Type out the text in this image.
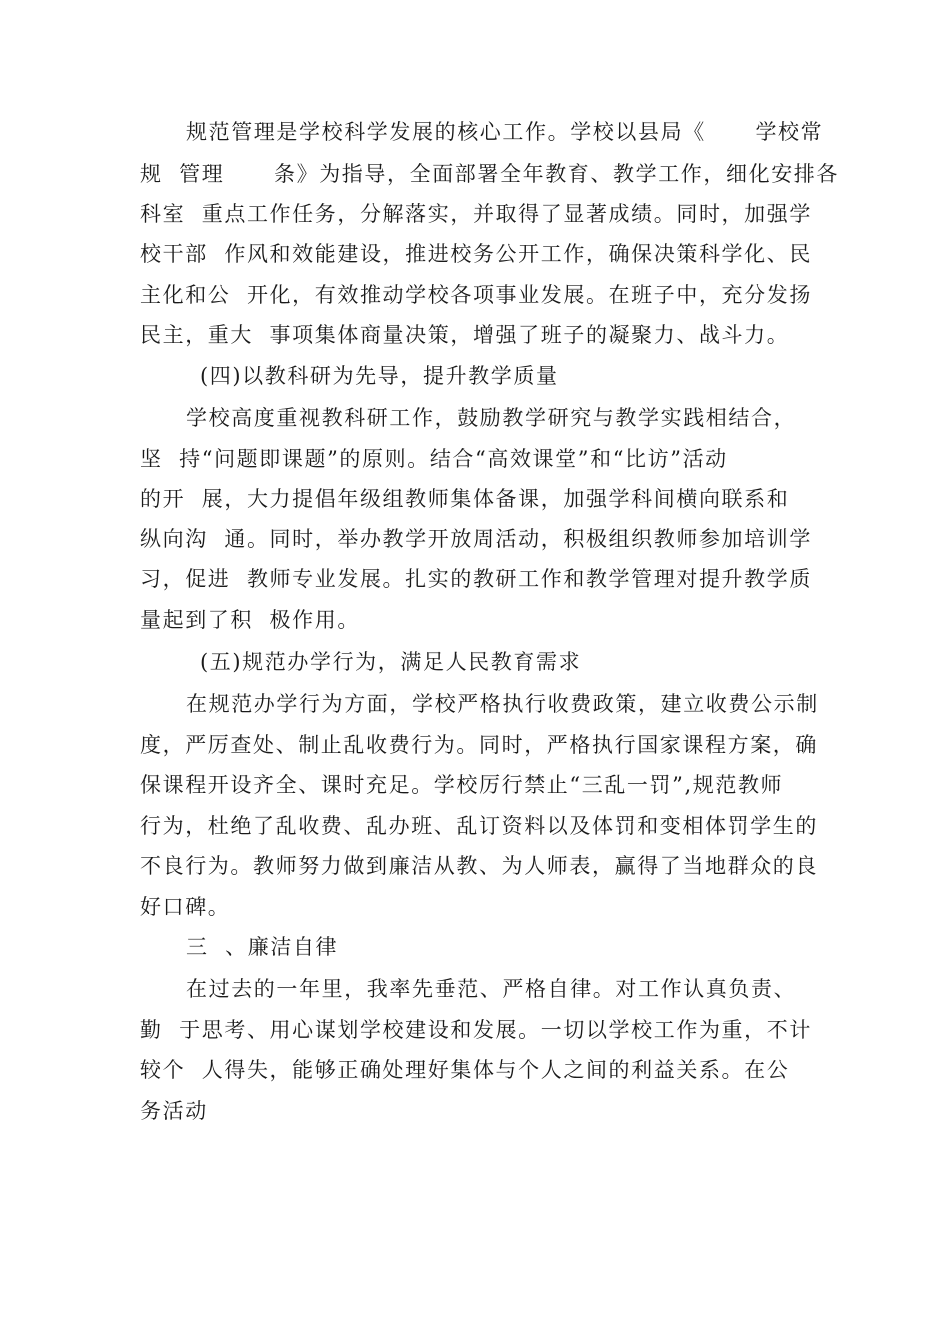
规范管理是学校科学发展的核心工作。学校以县局《      学校常
规  管理      条》为指导，全面部署全年教育、教学工作，细化安排各
科室  重点工作任务，分解落实，并取得了显著成绩。同时，加强学
校干部  作风和效能建设，推进校务公开工作，确保决策科学化、民
主化和公  开化，有效推动学校各项事业发展。在班子中，充分发扬
民主，重大  事项集体商量决策，增强了班子的凝聚力、战斗力。
(四)以教科研为先导，提升教学质量
学校高度重视教科研工作，鼓励教学研究与教学实践相结合，
坚  持“问题即课题”的原则。结合“高效课堂”和“比访”活动
的开  展，大力提倡年级组教师集体备课，加强学科间横向联系和
纵向沟  通。同时，举办教学开放周活动，积极组织教师参加培训学
习，促进  教师专业发展。扎实的教研工作和教学管理对提升教学质
量起到了积  极作用。
(五)规范办学行为，满足人民教育需求
在规范办学行为方面，学校严格执行收费政策，建立收费公示制
度，严厉查处、制止乱收费行为。同时，严格执行国家课程方案，确
保课程开设齐全、课时充足。学校厉行禁止“三乱一罚”,规范教师
行为，杜绝了乱收费、乱办班、乱订资料以及体罚和变相体罚学生的
不良行为。教师努力做到廉洁从教、为人师表，赢得了当地群众的良
好口碑。
三  、廉洁自律
在过去的一年里，我率先垂范、严格自律。对工作认真负责、
勤  于思考、用心谋划学校建设和发展。一切以学校工作为重，不计
较个  人得失，能够正确处理好集体与个人之间的利益关系。在公
务活动
